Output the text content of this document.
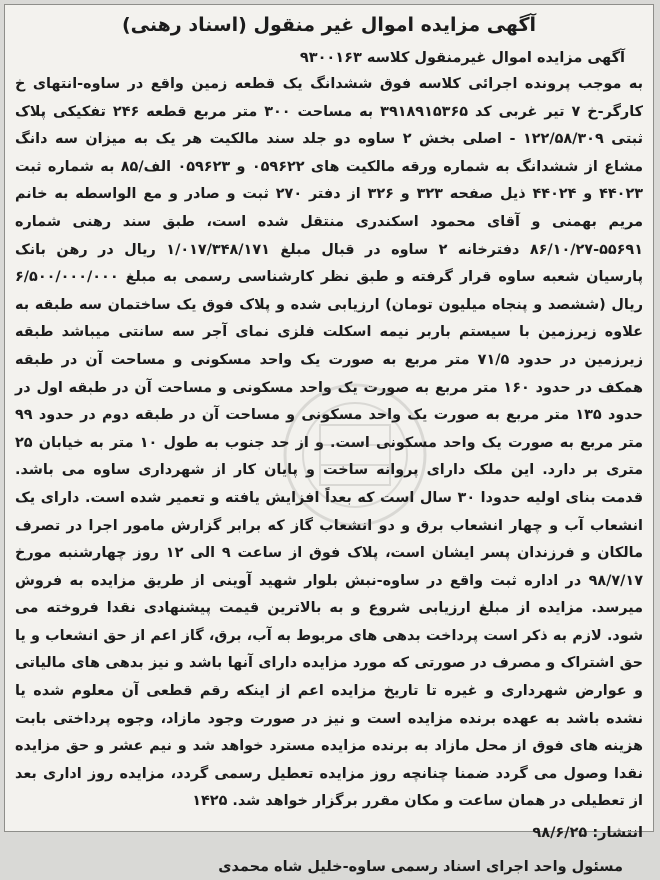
آگهی مزایده اموال غیر منقول (اسناد رهنی)
آگهی مزایده اموال غیرمنقول کلاسه ۹۳۰۰۱۶۳

به موجب پرونده اجرائی کلاسه فوق ششدانگ یک قطعه زمین واقع در ساوه-انتهای خ کارگر-خ ۷ تیر غربی کد ۳۹۱۸۹۱۵۳۶۵ به مساحت ۳۰۰ متر مربع قطعه ۲۴۶ تفکیکی پلاک ثبتی ۱۲۲/۵۸/۳۰۹ - اصلی بخش ۲ ساوه دو جلد سند مالکیت هر یک به میزان سه دانگ مشاع از ششدانگ به شماره ورقه مالکیت های ۰۵۹۶۲۲ و ۰۵۹۶۲۳ الف/۸۵ به شماره ثبت ۴۴۰۲۳ و ۴۴۰۲۴ ذیل صفحه ۳۲۳ و ۳۲۶ از دفتر ۲۷۰ ثبت و صادر و مع الواسطه به خانم مریم بهمنی و آقای محمود اسکندری منتقل شده است، طبق سند رهنی شماره ۵۵۶۹۱-۸۶/۱۰/۲۷ دفترخانه ۲ ساوه در قبال مبلغ ۱/۰۱۷/۳۴۸/۱۷۱ ریال در رهن بانک پارسیان شعبه ساوه قرار گرفته و طبق نظر کارشناسی رسمی به مبلغ ۶/۵۰۰/۰۰۰/۰۰۰ ریال (ششصد و پنجاه میلیون تومان) ارزیابی شده و پلاک فوق یک ساختمان سه طبقه به علاوه زیرزمین با سیستم باربر نیمه اسکلت فلزی نمای آجر سه سانتی میباشد طبقه زیرزمین در حدود ۷۱/۵ متر مربع به صورت یک واحد مسکونی و مساحت آن در طبقه همکف در حدود ۱۶۰ متر مربع به صورت یک واحد مسکونی و مساحت آن در طبقه اول در حدود ۱۳۵ متر مربع به صورت یک واحد مسکونی و مساحت آن در طبقه دوم در حدود ۹۹ متر مربع به صورت یک واحد مسکونی است. و از حد جنوب به طول ۱۰ متر به خیابان ۲۵ متری بر دارد. این ملک دارای پروانه ساخت و پایان کار از شهرداری ساوه می باشد. قدمت بنای اولیه حدودا ۳۰ سال است که بعداً افزایش یافته و تعمیر شده است. دارای یک انشعاب آب و چهار انشعاب برق و دو انشعاب گاز که برابر گزارش مامور اجرا در تصرف مالکان و فرزندان پسر ایشان است، پلاک فوق از ساعت ۹ الی ۱۲ روز چهارشنبه مورخ ۹۸/۷/۱۷ در اداره ثبت واقع در ساوه-نبش بلوار شهید آوینی از طریق مزایده به فروش میرسد. مزایده از مبلغ ارزیابی شروع و به بالاترین قیمت پیشنهادی نقدا فروخته می شود. لازم به ذکر است پرداخت بدهی های مربوط به آب، برق، گاز اعم از حق انشعاب و یا حق اشتراک و مصرف در صورتی که مورد مزایده دارای آنها باشد و نیز بدهی های مالیاتی و عوارض شهرداری و غیره تا تاریخ مزایده اعم از اینکه رقم قطعی آن معلوم شده یا نشده باشد به عهده برنده مزایده است و نیز در صورت وجود مازاد، وجوه پرداختی بابت هزینه های فوق از محل مازاد به برنده مزایده مسترد خواهد شد و نیم عشر و حق مزایده نقدا وصول می گردد ضمنا چنانچه روز مزایده تعطیل رسمی گردد، مزایده روز اداری بعد از تعطیلی در همان ساعت و مکان مقرر برگزار خواهد شد. ۱۴۲۵

انتشار: ۹۸/۶/۲۵
مسئول واحد اجرای اسناد رسمی ساوه-خلیل شاه محمدی
